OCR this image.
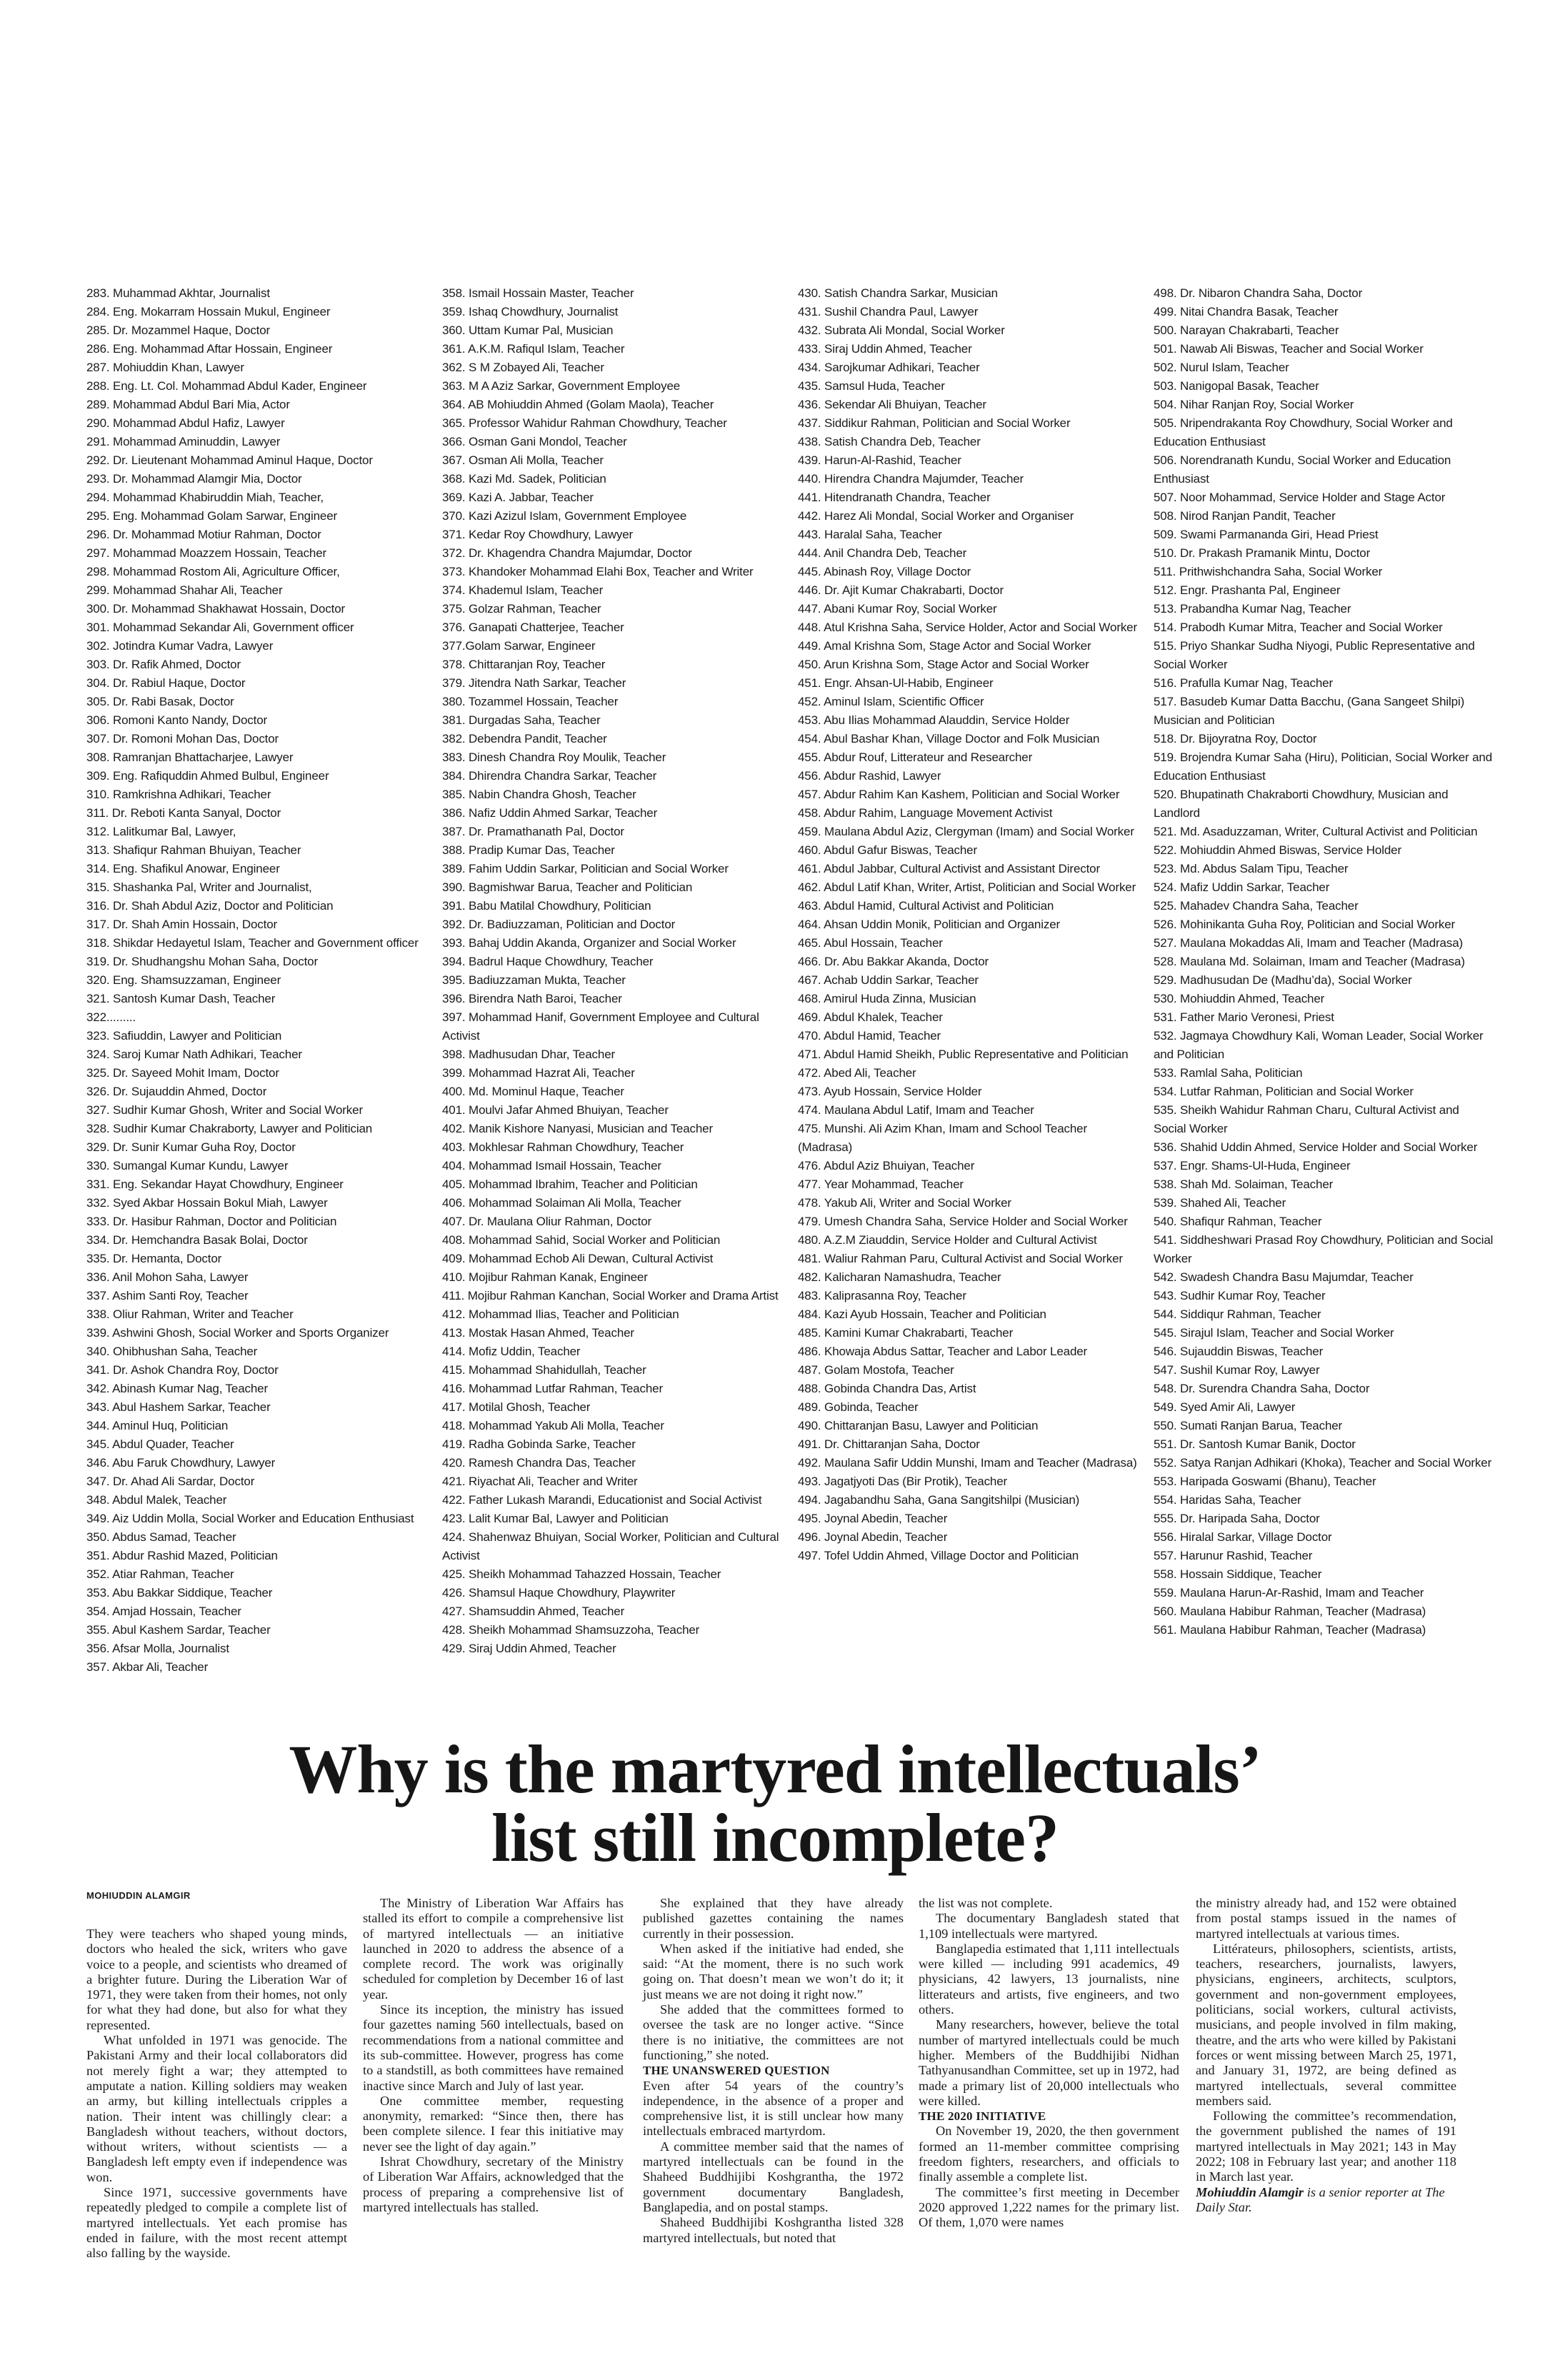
283. Muhammad Akhtar, Journalist
284. Eng. Mokarram Hossain Mukul, Engineer
285. Dr. Mozammel Haque, Doctor
286. Eng. Mohammad Aftar Hossain, Engineer
287. Mohiuddin Khan, Lawyer
288. Eng. Lt. Col. Mohammad Abdul Kader, Engineer
289. Mohammad Abdul Bari Mia, Actor
290. Mohammad Abdul Hafiz, Lawyer
291. Mohammad Aminuddin, Lawyer
292. Dr. Lieutenant Mohammad Aminul Haque, Doctor
293. Dr. Mohammad Alamgir Mia, Doctor
294. Mohammad Khabiruddin Miah, Teacher,
295. Eng. Mohammad Golam Sarwar, Engineer
296. Dr. Mohammad Motiur Rahman, Doctor
297. Mohammad Moazzem Hossain, Teacher
298. Mohammad Rostom Ali, Agriculture Officer,
299. Mohammad Shahar Ali, Teacher
300. Dr. Mohammad Shakhawat Hossain, Doctor
301. Mohammad Sekandar Ali, Government officer
302. Jotindra Kumar Vadra, Lawyer
303. Dr. Rafik Ahmed, Doctor
304. Dr. Rabiul Haque, Doctor
305. Dr. Rabi Basak, Doctor
306. Romoni Kanto Nandy, Doctor
307. Dr. Romoni Mohan Das, Doctor
308. Ramranjan Bhattacharjee, Lawyer
309. Eng. Rafiquddin Ahmed Bulbul, Engineer
310. Ramkrishna Adhikari, Teacher
311. Dr. Reboti Kanta Sanyal, Doctor
312. Lalitkumar Bal, Lawyer,
313. Shafiqur Rahman Bhuiyan, Teacher
314. Eng. Shafikul Anowar, Engineer
315. Shashanka Pal, Writer and Journalist,
316. Dr. Shah Abdul Aziz, Doctor and Politician
317. Dr. Shah Amin Hossain, Doctor
318. Shikdar Hedayetul Islam, Teacher and Government officer
319. Dr. Shudhangshu Mohan Saha, Doctor
320. Eng. Shamsuzzaman, Engineer
321. Santosh Kumar Dash, Teacher
322.........
323. Safiuddin, Lawyer and Politician
324. Saroj Kumar Nath Adhikari, Teacher
325. Dr. Sayeed Mohit Imam, Doctor
326. Dr. Sujauddin Ahmed, Doctor
327. Sudhir Kumar Ghosh, Writer and Social Worker
328. Sudhir Kumar Chakraborty, Lawyer and Politician
329. Dr. Sunir Kumar Guha Roy, Doctor
330. Sumangal Kumar Kundu, Lawyer
331. Eng. Sekandar Hayat Chowdhury, Engineer
332. Syed Akbar Hossain Bokul Miah, Lawyer
333. Dr. Hasibur Rahman, Doctor and Politician
334. Dr. Hemchandra Basak Bolai, Doctor
335. Dr. Hemanta, Doctor
336. Anil Mohon Saha, Lawyer
337. Ashim Santi Roy, Teacher
338. Oliur Rahman, Writer and Teacher
339. Ashwini Ghosh, Social Worker and Sports Organizer
340. Ohibhushan Saha, Teacher
341. Dr. Ashok Chandra Roy, Doctor
342. Abinash Kumar Nag, Teacher
343. Abul Hashem Sarkar, Teacher
344. Aminul Huq, Politician
345. Abdul Quader, Teacher
346. Abu Faruk Chowdhury, Lawyer
347. Dr. Ahad Ali Sardar, Doctor
348. Abdul Malek, Teacher
349. Aiz Uddin Molla, Social Worker and Education Enthusiast
350. Abdus Samad, Teacher
351. Abdur Rashid Mazed, Politician
352. Atiar Rahman, Teacher
353. Abu Bakkar Siddique, Teacher
354. Amjad Hossain, Teacher
355. Abul Kashem Sardar, Teacher
356. Afsar Molla, Journalist
357. Akbar Ali, Teacher
358. Ismail Hossain Master, Teacher
359. Ishaq Chowdhury, Journalist
360. Uttam Kumar Pal, Musician
361. A.K.M. Rafiqul Islam, Teacher
362. S M Zobayed Ali, Teacher
363. M A Aziz Sarkar, Government Employee
364. AB Mohiuddin Ahmed (Golam Maola), Teacher
365. Professor Wahidur Rahman Chowdhury, Teacher
366. Osman Gani Mondol, Teacher
367. Osman Ali Molla, Teacher
368. Kazi Md. Sadek, Politician
369. Kazi A. Jabbar, Teacher
370. Kazi Azizul Islam, Government Employee
371. Kedar Roy Chowdhury, Lawyer
372. Dr. Khagendra Chandra Majumdar, Doctor
373. Khandoker Mohammad Elahi Box, Teacher and Writer
374. Khademul Islam, Teacher
375. Golzar Rahman, Teacher
376. Ganapati Chatterjee, Teacher
377.Golam Sarwar, Engineer
378. Chittaranjan Roy, Teacher
379. Jitendra Nath Sarkar, Teacher
380. Tozammel Hossain, Teacher
381. Durgadas Saha, Teacher
382. Debendra Pandit, Teacher
383. Dinesh Chandra Roy Moulik, Teacher
384. Dhirendra Chandra Sarkar, Teacher
385. Nabin Chandra Ghosh, Teacher
386. Nafiz Uddin Ahmed Sarkar, Teacher
387. Dr. Pramathanath Pal, Doctor
388. Pradip Kumar Das, Teacher
389. Fahim Uddin Sarkar, Politician and Social Worker
390. Bagmishwar Barua, Teacher and Politician
391. Babu Matilal Chowdhury, Politician
392. Dr. Badiuzzaman, Politician and Doctor
393. Bahaj Uddin Akanda, Organizer and Social Worker
394. Badrul Haque Chowdhury, Teacher
395. Badiuzzaman Mukta, Teacher
396. Birendra Nath Baroi, Teacher
397. Mohammad Hanif, Government Employee and Cultural Activist
398. Madhusudan Dhar, Teacher
399. Mohammad Hazrat Ali, Teacher
400. Md. Mominul Haque, Teacher
401. Moulvi Jafar Ahmed Bhuiyan, Teacher
402. Manik Kishore Nanyasi, Musician and Teacher
403. Mokhlesar Rahman Chowdhury, Teacher
404. Mohammad Ismail Hossain, Teacher
405. Mohammad Ibrahim, Teacher and Politician
406. Mohammad Solaiman Ali Molla, Teacher
407. Dr. Maulana Oliur Rahman, Doctor
408. Mohammad Sahid, Social Worker and Politician
409. Mohammad Echob Ali Dewan, Cultural Activist
410. Mojibur Rahman Kanak, Engineer
411. Mojibur Rahman Kanchan, Social Worker and Drama Artist
412. Mohammad Ilias, Teacher and Politician
413. Mostak Hasan Ahmed, Teacher
414. Mofiz Uddin, Teacher
415. Mohammad Shahidullah, Teacher
416. Mohammad Lutfar Rahman, Teacher
417. Motilal Ghosh, Teacher
418. Mohammad Yakub Ali Molla, Teacher
419. Radha Gobinda Sarke, Teacher
420. Ramesh Chandra Das, Teacher
421. Riyachat Ali, Teacher and Writer
422. Father Lukash Marandi, Educationist and Social Activist
423. Lalit Kumar Bal, Lawyer and Politician
424. Shahenwaz Bhuiyan, Social Worker, Politician and Cultural Activist
425. Sheikh Mohammad Tahazzed Hossain, Teacher
426. Shamsul Haque Chowdhury, Playwriter
427. Shamsuddin Ahmed, Teacher
428. Sheikh Mohammad Shamsuzzoha, Teacher
429. Siraj Uddin Ahmed, Teacher
430. Satish Chandra Sarkar, Musician
431. Sushil Chandra Paul, Lawyer
432. Subrata Ali Mondal, Social Worker
433. Siraj Uddin Ahmed, Teacher
434. Sarojkumar Adhikari, Teacher
435. Samsul Huda, Teacher
436. Sekendar Ali Bhuiyan, Teacher
437. Siddikur Rahman, Politician and Social Worker
438. Satish Chandra Deb, Teacher
439. Harun-Al-Rashid, Teacher
440. Hirendra Chandra Majumder, Teacher
441. Hitendranath Chandra, Teacher
442. Harez Ali Mondal, Social Worker and Organiser
443. Haralal Saha, Teacher
444. Anil Chandra Deb, Teacher
445. Abinash Roy, Village Doctor
446. Dr. Ajit Kumar Chakrabarti, Doctor
447. Abani Kumar Roy, Social Worker
448. Atul Krishna Saha, Service Holder, Actor and Social Worker
449. Amal Krishna Som, Stage Actor and Social Worker
450. Arun Krishna Som, Stage Actor and Social Worker
451. Engr. Ahsan-Ul-Habib, Engineer
452. Aminul Islam, Scientific Officer
453. Abu Ilias Mohammad Alauddin, Service Holder
454. Abul Bashar Khan, Village Doctor and Folk Musician
455. Abdur Rouf, Litterateur and Researcher
456. Abdur Rashid, Lawyer
457. Abdur Rahim Kan Kashem, Politician and Social Worker
458. Abdur Rahim, Language Movement Activist
459. Maulana Abdul Aziz, Clergyman (Imam) and Social Worker
460. Abdul Gafur Biswas, Teacher
461. Abdul Jabbar, Cultural Activist and Assistant Director
462. Abdul Latif Khan, Writer, Artist, Politician and Social Worker
463. Abdul Hamid, Cultural Activist and Politician
464. Ahsan Uddin Monik, Politician and Organizer
465. Abul Hossain, Teacher
466. Dr. Abu Bakkar Akanda, Doctor
467. Achab Uddin Sarkar, Teacher
468. Amirul Huda Zinna, Musician
469. Abdul Khalek, Teacher
470. Abdul Hamid, Teacher
471. Abdul Hamid Sheikh, Public Representative and Politician
472. Abed Ali, Teacher
473. Ayub Hossain, Service Holder
474. Maulana Abdul Latif, Imam and Teacher
475. Munshi. Ali Azim Khan, Imam and School Teacher (Madrasa)
476. Abdul Aziz Bhuiyan, Teacher
477. Year Mohammad, Teacher
478. Yakub Ali, Writer and Social Worker
479. Umesh Chandra Saha, Service Holder and Social Worker
480. A.Z.M Ziauddin, Service Holder and Cultural Activist
481. Waliur Rahman Paru, Cultural Activist and Social Worker
482. Kalicharan Namashudra, Teacher
483. Kaliprasanna Roy, Teacher
484. Kazi Ayub Hossain, Teacher and Politician
485. Kamini Kumar Chakrabarti, Teacher
486. Khowaja Abdus Sattar, Teacher and Labor Leader
487. Golam Mostofa, Teacher
488. Gobinda Chandra Das, Artist
489. Gobinda, Teacher
490. Chittaranjan Basu, Lawyer and Politician
491. Dr. Chittaranjan Saha, Doctor
492. Maulana Safir Uddin Munshi, Imam and Teacher (Madrasa)
493. Jagatjyoti Das (Bir Protik), Teacher
494. Jagabandhu Saha, Gana Sangitshilpi (Musician)
495. Joynal Abedin, Teacher
496. Joynal Abedin, Teacher
497. Tofel Uddin Ahmed, Village Doctor and Politician
498. Dr. Nibaron Chandra Saha, Doctor
499. Nitai Chandra Basak, Teacher
500. Narayan Chakrabarti, Teacher
501. Nawab Ali Biswas, Teacher and Social Worker
502. Nurul Islam, Teacher
503. Nanigopal Basak, Teacher
504. Nihar Ranjan Roy, Social Worker
505. Nripendrakanta Roy Chowdhury, Social Worker and Education Enthusiast
506. Norendranath Kundu, Social Worker and Education Enthusiast
507. Noor Mohammad, Service Holder and Stage Actor
508. Nirod Ranjan Pandit, Teacher
509. Swami Parmananda Giri, Head Priest
510. Dr. Prakash Pramanik Mintu, Doctor
511. Prithwishchandra Saha, Social Worker
512. Engr. Prashanta Pal, Engineer
513. Prabandha Kumar Nag, Teacher
514. Prabodh Kumar Mitra, Teacher and Social Worker
515. Priyo Shankar Sudha Niyogi, Public Representative and Social Worker
516. Prafulla Kumar Nag, Teacher
517. Basudeb Kumar Datta Bacchu, (Gana Sangeet Shilpi) Musician and Politician
518. Dr. Bijoyratna Roy, Doctor
519. Brojendra Kumar Saha (Hiru), Politician, Social Worker and Education Enthusiast
520. Bhupatinath Chakraborti Chowdhury, Musician and Landlord
521. Md. Asaduzzaman, Writer, Cultural Activist and Politician
522. Mohiuddin Ahmed Biswas, Service Holder
523. Md. Abdus Salam Tipu, Teacher
524. Mafiz Uddin Sarkar, Teacher
525. Mahadev Chandra Saha, Teacher
526. Mohinikanta Guha Roy, Politician and Social Worker
527. Maulana Mokaddas Ali, Imam and Teacher (Madrasa)
528. Maulana Md. Solaiman, Imam and Teacher (Madrasa)
529. Madhusudan De (Madhu’da), Social Worker
530. Mohiuddin Ahmed, Teacher
531. Father Mario Veronesi, Priest
532. Jagmaya Chowdhury Kali, Woman Leader, Social Worker and Politician
533. Ramlal Saha, Politician
534. Lutfar Rahman, Politician and Social Worker
535. Sheikh Wahidur Rahman Charu, Cultural Activist and Social Worker
536. Shahid Uddin Ahmed, Service Holder and Social Worker
537. Engr. Shams-Ul-Huda, Engineer
538. Shah Md. Solaiman, Teacher
539. Shahed Ali, Teacher
540. Shafiqur Rahman, Teacher
541. Siddheshwari Prasad Roy Chowdhury, Politician and Social Worker
542. Swadesh Chandra Basu Majumdar, Teacher
543. Sudhir Kumar Roy, Teacher
544. Siddiqur Rahman, Teacher
545. Sirajul Islam, Teacher and Social Worker
546. Sujauddin Biswas, Teacher
547. Sushil Kumar Roy, Lawyer
548. Dr. Surendra Chandra Saha, Doctor
549. Syed Amir Ali, Lawyer
550. Sumati Ranjan Barua, Teacher
551. Dr. Santosh Kumar Banik, Doctor
552. Satya Ranjan Adhikari (Khoka), Teacher and Social Worker
553. Haripada Goswami (Bhanu), Teacher
554. Haridas Saha, Teacher
555. Dr. Haripada Saha, Doctor
556. Hiralal Sarkar, Village Doctor
557. Harunur Rashid, Teacher
558. Hossain Siddique, Teacher
559. Maulana Harun-Ar-Rashid, Imam and Teacher
560. Maulana Habibur Rahman, Teacher (Madrasa)
561. Maulana Habibur Rahman, Teacher (Madrasa)
Why is the martyred intellectuals’
list still incomplete?
MOHIUDDIN ALAMGIR

They were teachers who shaped young minds, doctors who healed the sick, writers who gave voice to a people, and scientists who dreamed of a brighter future. During the Liberation War of 1971, they were taken from their homes, not only for what they had done, but also for what they represented.

What unfolded in 1971 was genocide. The Pakistani Army and their local collaborators did not merely fight a war; they attempted to amputate a nation. Killing soldiers may weaken an army, but killing intellectuals cripples a nation. Their intent was chillingly clear: a Bangladesh without teachers, without doctors, without writers, without scientists — a Bangladesh left empty even if independence was won.

Since 1971, successive governments have repeatedly pledged to compile a complete list of martyred intellectuals. Yet each promise has ended in failure, with the most recent attempt also falling by the wayside.

The Ministry of Liberation War Affairs has stalled its effort to compile a comprehensive list of martyred intellectuals — an initiative launched in 2020 to address the absence of a complete record. The work was originally scheduled for completion by December 16 of last year.

Since its inception, the ministry has issued four gazettes naming 560 intellectuals, based on recommendations from a national committee and its sub-committee. However, progress has come to a standstill, as both committees have remained inactive since March and July of last year.

One committee member, requesting anonymity, remarked: “Since then, there has been complete silence. I fear this initiative may never see the light of day again.”

Ishrat Chowdhury, secretary of the Ministry of Liberation War Affairs, acknowledged that the process of preparing a comprehensive list of martyred intellectuals has stalled.

She explained that they have already published gazettes containing the names currently in their possession.

When asked if the initiative had ended, she said: “At the moment, there is no such work going on. That doesn’t mean we won’t do it; it just means we are not doing it right now.”

She added that the committees formed to oversee the task are no longer active. “Since there is no initiative, the committees are not functioning,” she noted.

THE UNANSWERED QUESTION

Even after 54 years of the country’s independence, in the absence of a proper and comprehensive list, it is still unclear how many intellectuals embraced martyrdom.

A committee member said that the names of martyred intellectuals can be found in the Shaheed Buddhijibi Koshgrantha, the 1972 government documentary Bangladesh, Banglapedia, and on postal stamps.

Shaheed Buddhijibi Koshgrantha listed 328 martyred intellectuals, but noted that

the list was not complete.

The documentary Bangladesh stated that 1,109 intellectuals were martyred.

Banglapedia estimated that 1,111 intellectuals were killed — including 991 academics, 49 physicians, 42 lawyers, 13 journalists, nine litterateurs and artists, five engineers, and two others.

Many researchers, however, believe the total number of martyred intellectuals could be much higher. Members of the Buddhijibi Nidhan Tathyanusandhan Committee, set up in 1972, had made a primary list of 20,000 intellectuals who were killed.

THE 2020 INITIATIVE

On November 19, 2020, the then government formed an 11-member committee comprising freedom fighters, researchers, and officials to finally assemble a complete list.

The committee’s first meeting in December 2020 approved 1,222 names for the primary list. Of them, 1,070 were names

the ministry already had, and 152 were obtained from postal stamps issued in the names of martyred intellectuals at various times.

Littérateurs, philosophers, scientists, artists, teachers, researchers, journalists, lawyers, physicians, engineers, architects, sculptors, government and non-government employees, politicians, social workers, cultural activists, musicians, and people involved in film making, theatre, and the arts who were killed by Pakistani forces or went missing between March 25, 1971, and January 31, 1972, are being defined as martyred intellectuals, several committee members said.

Following the committee’s recommendation, the government published the names of 191 martyred intellectuals in May 2021; 143 in May 2022; 108 in February last year; and another 118 in March last year.

Mohiuddin Alamgir is a senior reporter at The Daily Star.
